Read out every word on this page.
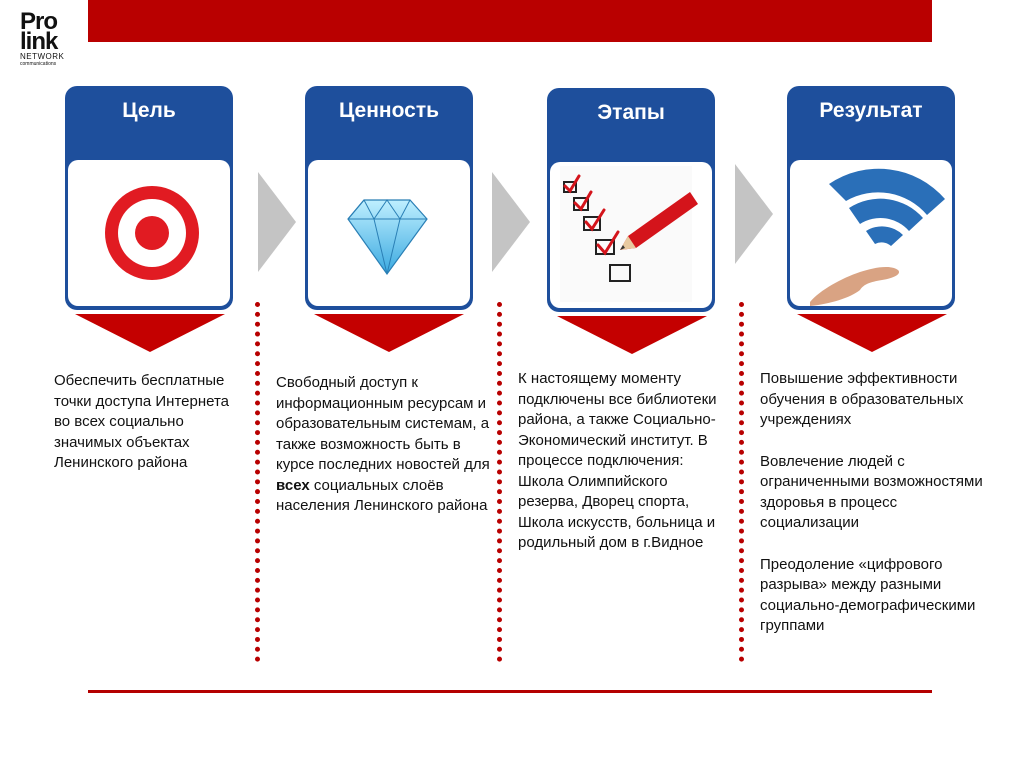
Pro
link
NETWORK
communications
Цель	Ценность	Этапы	Результат
Обеспечить бесплатные точки доступа Интернета во всех социально значимых объектах Ленинского района
Свободный доступ к информационным ресурсам и образовательным системам, а также возможность быть в курсе последних новостей для всех социальных слоёв населения Ленинского района
К настоящему моменту подключены все библиотеки района, а также Социально-Экономический институт. В процессе подключения: Школа Олимпийского резерва, Дворец спорта, Школа искусств, больница и родильный дом в г.Видное

Повышение эффективности обучения в образовательных учреждениях

Вовлечение людей с ограниченными возможностями здоровья в процесс социализации

Преодоление «цифрового разрыва» между разными социально-демографическими группами
